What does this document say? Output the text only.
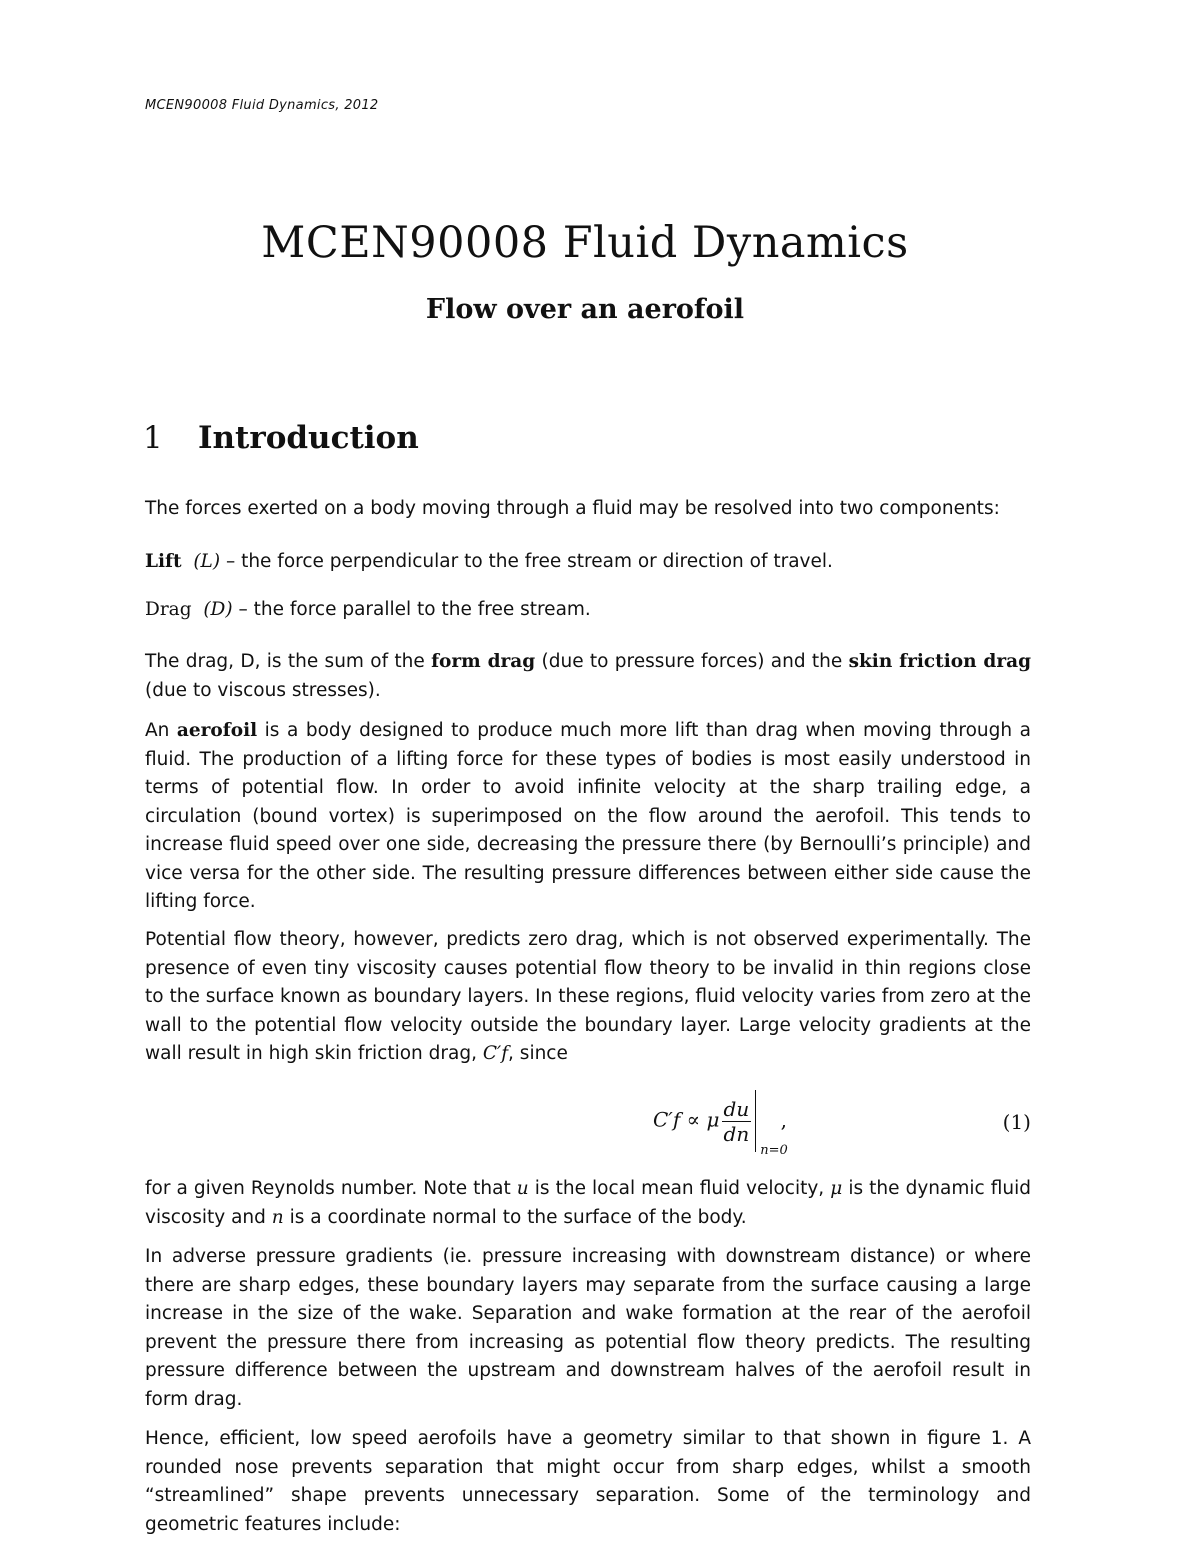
MCEN90008 Fluid Dynamics, 2012
MCEN90008 Fluid Dynamics
Flow over an aerofoil
1 Introduction

The forces exerted on a body moving through a fluid may be resolved into two components:

Lift (L) – the force perpendicular to the free stream or direction of travel.

Drag (D) – the force parallel to the free stream.

The drag, D, is the sum of the form drag (due to pressure forces) and the skin friction drag (due to viscous stresses).

An aerofoil is a body designed to produce much more lift than drag when moving through a fluid. The production of a lifting force for these types of bodies is most easily understood in terms of potential flow. In order to avoid infinite velocity at the sharp trailing edge, a circulation (bound vortex) is superimposed on the flow around the aerofoil. This tends to increase fluid speed over one side, decreasing the pressure there (by Bernoulli’s principle) and vice versa for the other side. The resulting pressure differences between either side cause the lifting force.

Potential flow theory, however, predicts zero drag, which is not observed experimentally. The presence of even tiny viscosity causes potential flow theory to be invalid in thin regions close to the surface known as boundary layers. In these regions, fluid velocity varies from zero at the wall to the potential flow velocity outside the boundary layer. Large velocity gradients at the wall result in high skin friction drag, C′f, since

C′f ∝ μ $\frac{du}{dn}$
n=0
,	(1)

for a given Reynolds number. Note that u is the local mean fluid velocity, μ is the dynamic fluid viscosity and n is a coordinate normal to the surface of the body.

In adverse pressure gradients (ie. pressure increasing with downstream distance) or where there are sharp edges, these boundary layers may separate from the surface causing a large increase in the size of the wake. Separation and wake formation at the rear of the aerofoil prevent the pressure there from increasing as potential flow theory predicts. The resulting pressure difference between the upstream and downstream halves of the aerofoil result in form drag.

Hence, efficient, low speed aerofoils have a geometry similar to that shown in figure 1. A rounded nose prevents separation that might occur from sharp edges, whilst a smooth “streamlined” shape prevents unnecessary separation. Some of the terminology and geometric features include:
